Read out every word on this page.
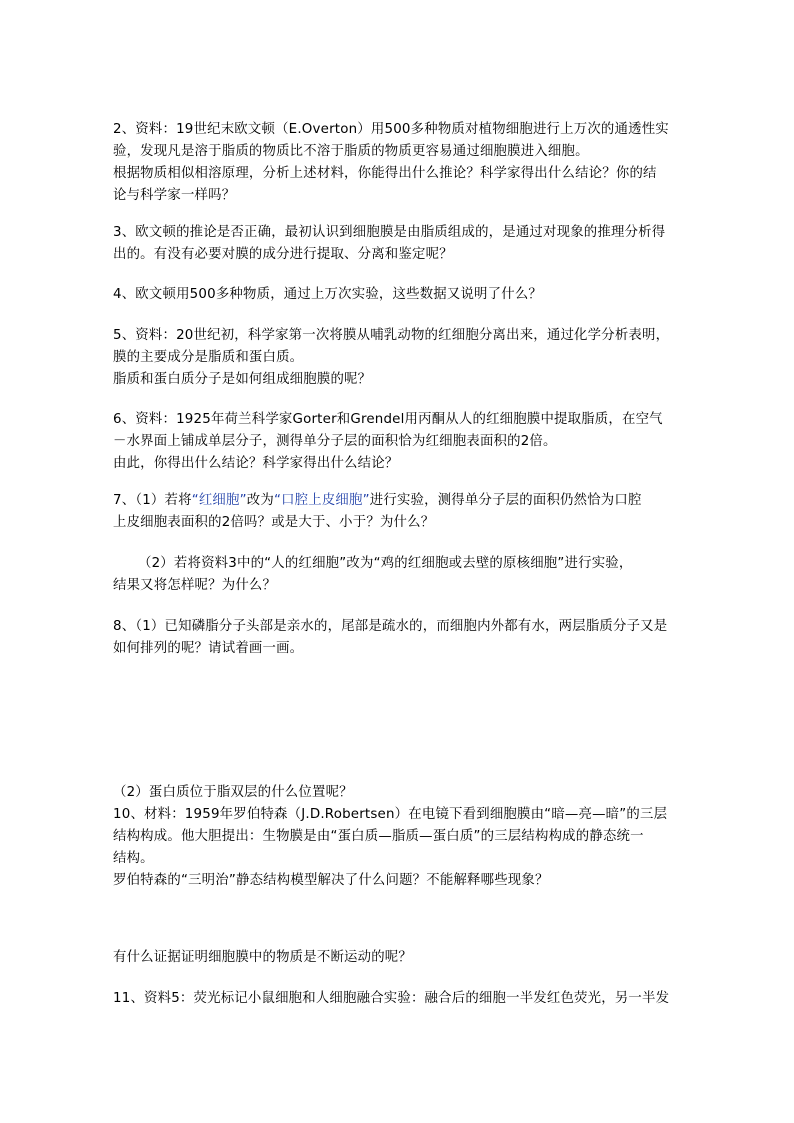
2、资料：19世纪末欧文顿（E.Overton）用500多种物质对植物细胞进行上万次的通透性实
验，发现凡是溶于脂质的物质比不溶于脂质的物质更容易通过细胞膜进入细胞。
根据物质相似相溶原理，分析上述材料，你能得出什么推论？科学家得出什么结论？你的结
论与科学家一样吗？
3、欧文顿的推论是否正确，最初认识到细胞膜是由脂质组成的，是通过对现象的推理分析得
出的。有没有必要对膜的成分进行提取、分离和鉴定呢？
4、欧文顿用500多种物质，通过上万次实验，这些数据又说明了什么？
5、资料：20世纪初，科学家第一次将膜从哺乳动物的红细胞分离出来，通过化学分析表明，
膜的主要成分是脂质和蛋白质。
脂质和蛋白质分子是如何组成细胞膜的呢？
6、资料：1925年荷兰科学家Gorter和Grendel用丙酮从人的红细胞膜中提取脂质，在空气
－水界面上铺成单层分子，测得单分子层的面积恰为红细胞表面积的2倍。
由此，你得出什么结论？科学家得出什么结论？
7、（1）若将“红细胞”改为“口腔上皮细胞”进行实验，测得单分子层的面积仍然恰为口腔
上皮细胞表面积的2倍吗？或是大于、小于？为什么？
（2）若将资料3中的“人的红细胞”改为“鸡的红细胞或去壁的原核细胞”进行实验，
结果又将怎样呢？为什么？
8、（1）已知磷脂分子头部是亲水的，尾部是疏水的，而细胞内外都有水，两层脂质分子又是
如何排列的呢？请试着画一画。
（2）蛋白质位于脂双层的什么位置呢？
10、材料：1959年罗伯特森（J.D.Robertsen）在电镜下看到细胞膜由“暗—亮—暗”的三层
结构构成。他大胆提出：生物膜是由“蛋白质—脂质—蛋白质”的三层结构构成的静态统一
结构。
罗伯特森的“三明治”静态结构模型解决了什么问题？不能解释哪些现象？
有什么证据证明细胞膜中的物质是不断运动的呢？
11、资料5：荧光标记小鼠细胞和人细胞融合实验：融合后的细胞一半发红色荧光，另一半发
